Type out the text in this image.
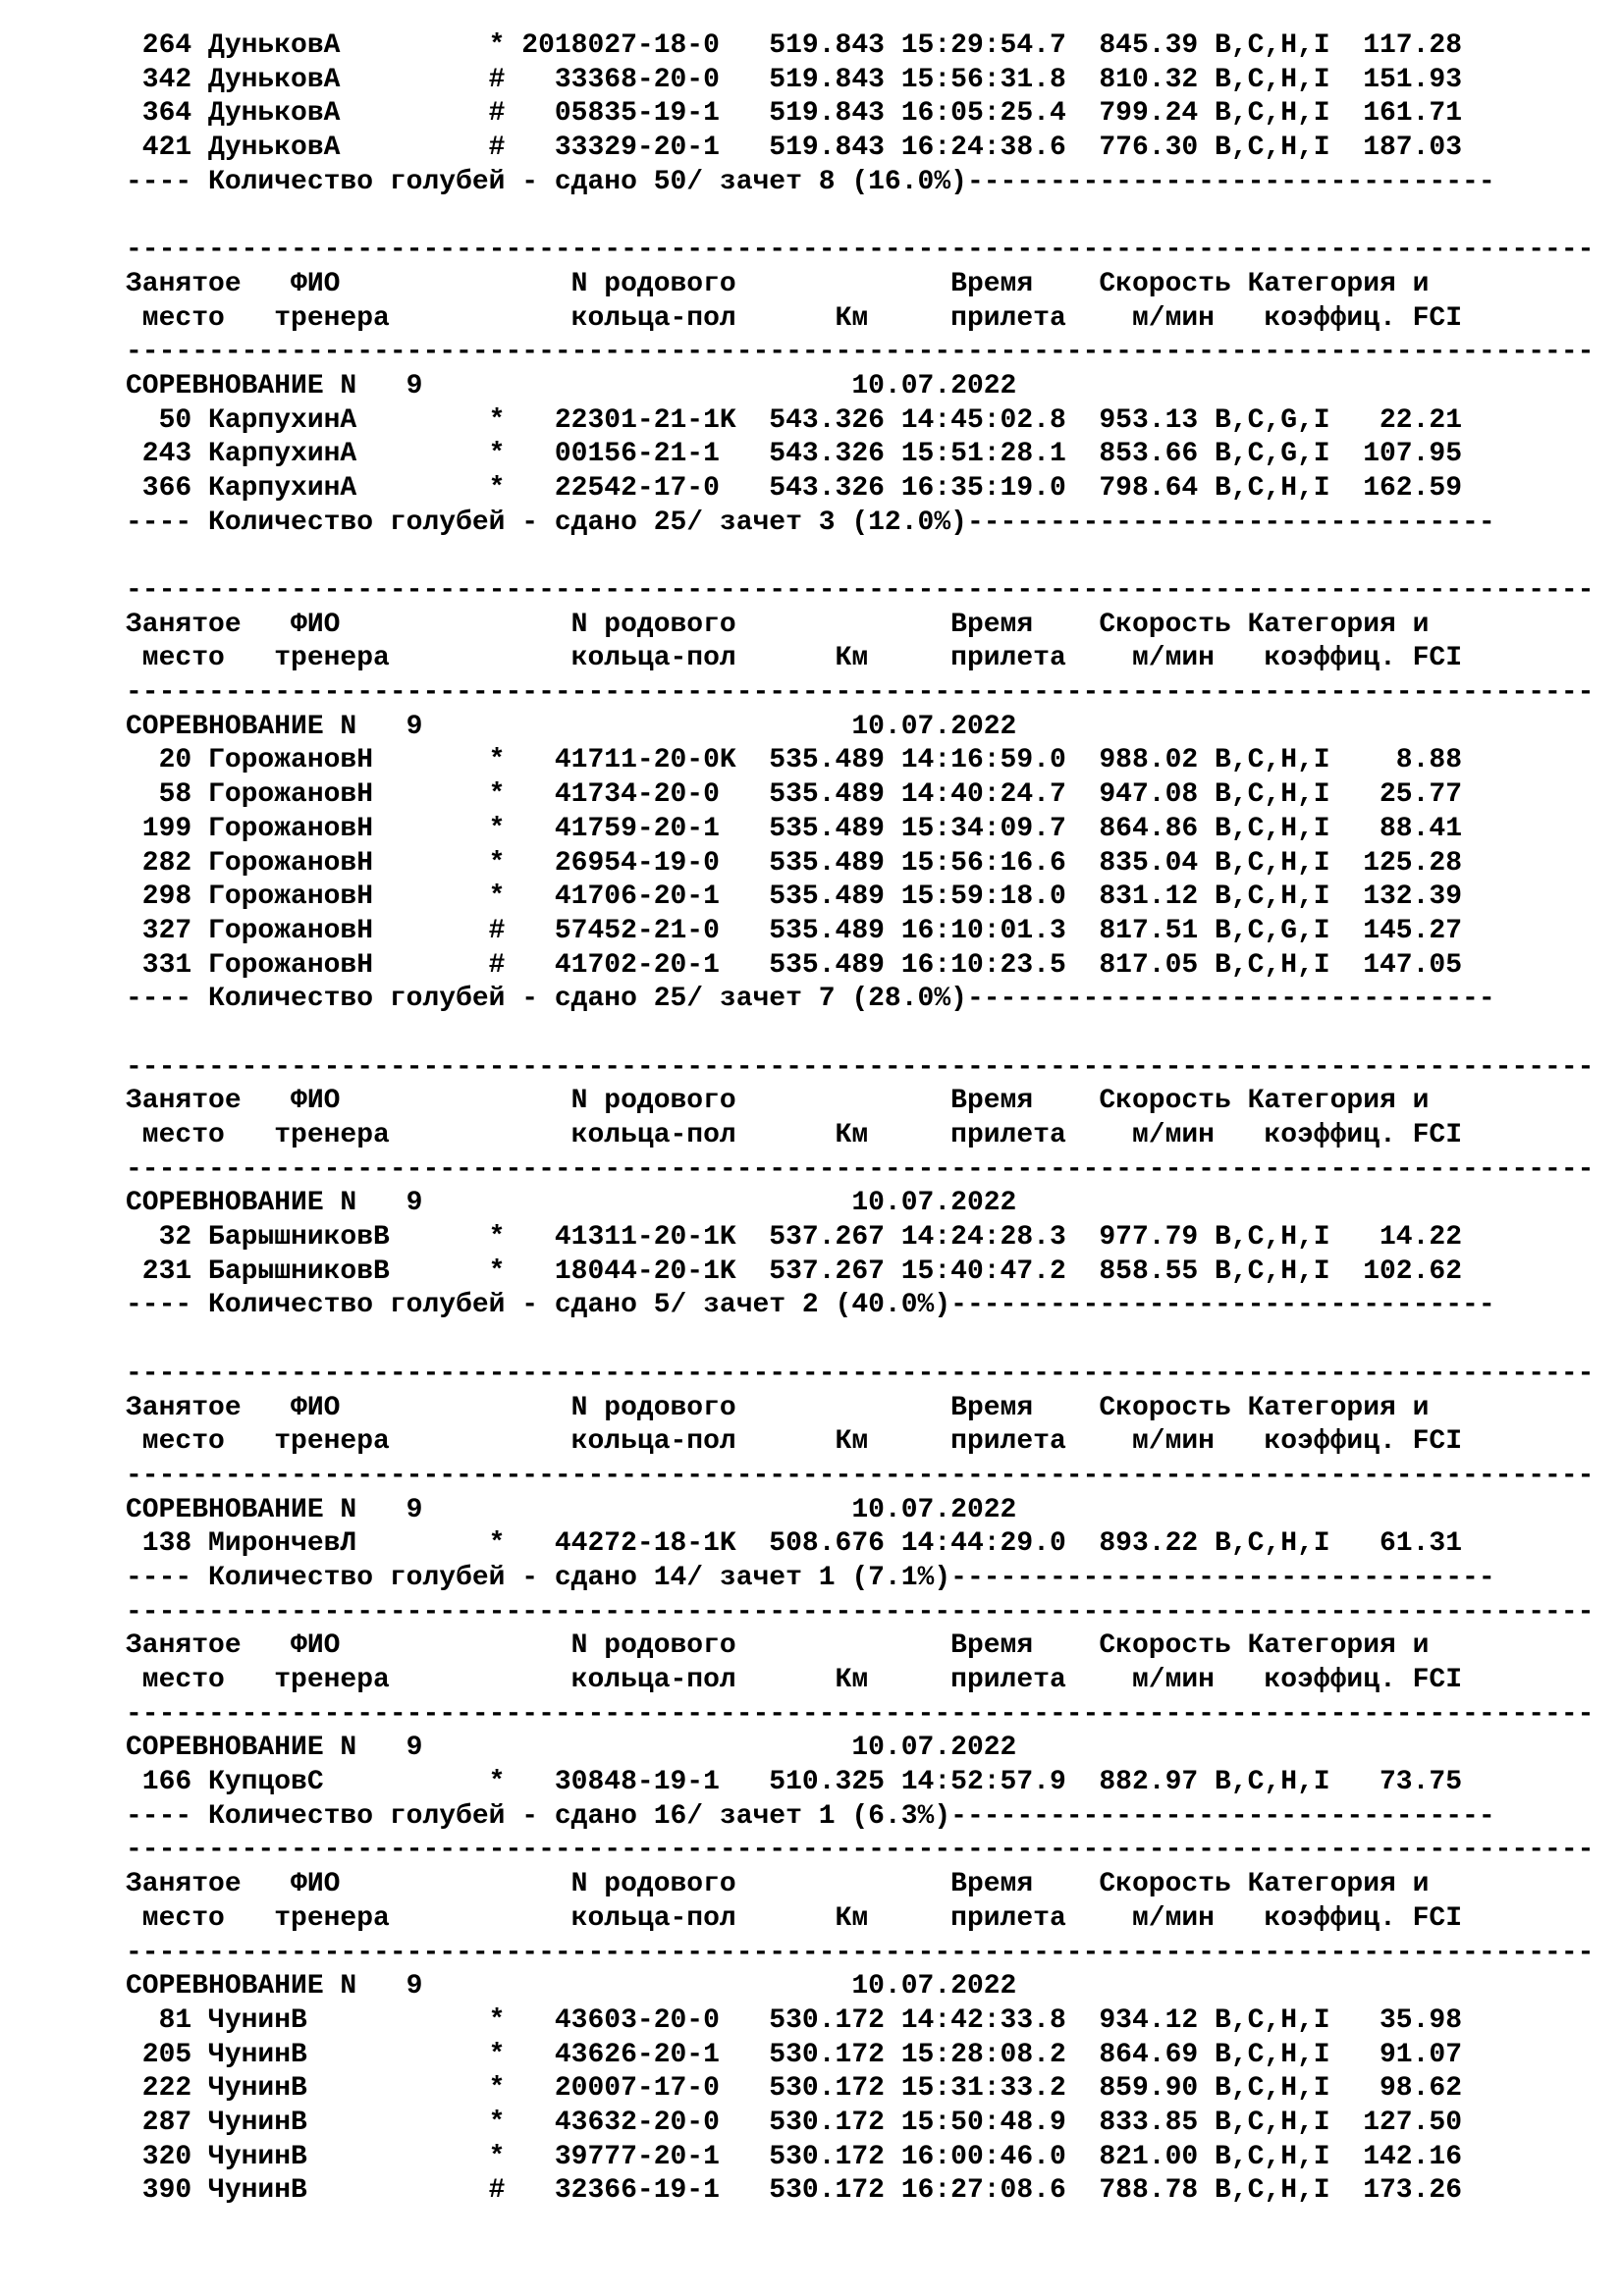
264 ДуньковА         * 2018027-18-0   519.843 15:29:54.7  845.39 B,C,H,I  117.28
342 ДуньковА         #   33368-20-0   519.843 15:56:31.8  810.32 B,C,H,I  151.93
364 ДуньковА         #   05835-19-1   519.843 16:05:25.4  799.24 B,C,H,I  161.71
421 ДуньковА         #   33329-20-1   519.843 16:24:38.6  776.30 B,C,H,I  187.03
---- Количество голубей - сдано 50/ зачет 8 (16.0%)--------------------------------
-----------------------------------------------------------------------------------------
Занятое   ФИО              N родового             Время    Скорость Категория и
место   тренера           кольца-пол      Км     прилета    м/мин   коэффиц. FCI
-----------------------------------------------------------------------------------------
СОРЕВНОВАНИЕ N   9                          10.07.2022
50 КарпухинА        *   22301-21-1K  543.326 14:45:02.8  953.13 B,C,G,I   22.21
243 КарпухинА        *   00156-21-1   543.326 15:51:28.1  853.66 B,C,G,I  107.95
366 КарпухинА        *   22542-17-0   543.326 16:35:19.0  798.64 B,C,H,I  162.59
---- Количество голубей - сдано 25/ зачет 3 (12.0%)--------------------------------
-----------------------------------------------------------------------------------------
Занятое   ФИО              N родового             Время    Скорость Категория и
место   тренера           кольца-пол      Км     прилета    м/мин   коэффиц. FCI
-----------------------------------------------------------------------------------------
СОРЕВНОВАНИЕ N   9                          10.07.2022
20 ГорожановН       *   41711-20-0K  535.489 14:16:59.0  988.02 B,C,H,I    8.88
58 ГорожановН       *   41734-20-0   535.489 14:40:24.7  947.08 B,C,H,I   25.77
199 ГорожановН       *   41759-20-1   535.489 15:34:09.7  864.86 B,C,H,I   88.41
282 ГорожановН       *   26954-19-0   535.489 15:56:16.6  835.04 B,C,H,I  125.28
298 ГорожановН       *   41706-20-1   535.489 15:59:18.0  831.12 B,C,H,I  132.39
327 ГорожановН       #   57452-21-0   535.489 16:10:01.3  817.51 B,C,G,I  145.27
331 ГорожановН       #   41702-20-1   535.489 16:10:23.5  817.05 B,C,H,I  147.05
---- Количество голубей - сдано 25/ зачет 7 (28.0%)--------------------------------
-----------------------------------------------------------------------------------------
Занятое   ФИО              N родового             Время    Скорость Категория и
место   тренера           кольца-пол      Км     прилета    м/мин   коэффиц. FCI
-----------------------------------------------------------------------------------------
СОРЕВНОВАНИЕ N   9                          10.07.2022
32 БарышниковВ      *   41311-20-1K  537.267 14:24:28.3  977.79 B,C,H,I   14.22
231 БарышниковВ      *   18044-20-1K  537.267 15:40:47.2  858.55 B,C,H,I  102.62
---- Количество голубей - сдано 5/ зачет 2 (40.0%)---------------------------------
-----------------------------------------------------------------------------------------
Занятое   ФИО              N родового             Время    Скорость Категория и
место   тренера           кольца-пол      Км     прилета    м/мин   коэффиц. FCI
-----------------------------------------------------------------------------------------
СОРЕВНОВАНИЕ N   9                          10.07.2022
138 МирончевЛ        *   44272-18-1K  508.676 14:44:29.0  893.22 B,C,H,I   61.31
---- Количество голубей - сдано 14/ зачет 1 (7.1%)---------------------------------
-----------------------------------------------------------------------------------------
Занятое   ФИО              N родового             Время    Скорость Категория и
место   тренера           кольца-пол      Км     прилета    м/мин   коэффиц. FCI
-----------------------------------------------------------------------------------------
СОРЕВНОВАНИЕ N   9                          10.07.2022
166 КупцовС          *   30848-19-1   510.325 14:52:57.9  882.97 B,C,H,I   73.75
---- Количество голубей - сдано 16/ зачет 1 (6.3%)---------------------------------
-----------------------------------------------------------------------------------------
Занятое   ФИО              N родового             Время    Скорость Категория и
место   тренера           кольца-пол      Км     прилета    м/мин   коэффиц. FCI
-----------------------------------------------------------------------------------------
СОРЕВНОВАНИЕ N   9                          10.07.2022
81 ЧунинВ           *   43603-20-0   530.172 14:42:33.8  934.12 B,C,H,I   35.98
205 ЧунинВ           *   43626-20-1   530.172 15:28:08.2  864.69 B,C,H,I   91.07
222 ЧунинВ           *   20007-17-0   530.172 15:31:33.2  859.90 B,C,H,I   98.62
287 ЧунинВ           *   43632-20-0   530.172 15:50:48.9  833.85 B,C,H,I  127.50
320 ЧунинВ           *   39777-20-1   530.172 16:00:46.0  821.00 B,C,H,I  142.16
390 ЧунинВ           #   32366-19-1   530.172 16:27:08.6  788.78 B,C,H,I  173.26
